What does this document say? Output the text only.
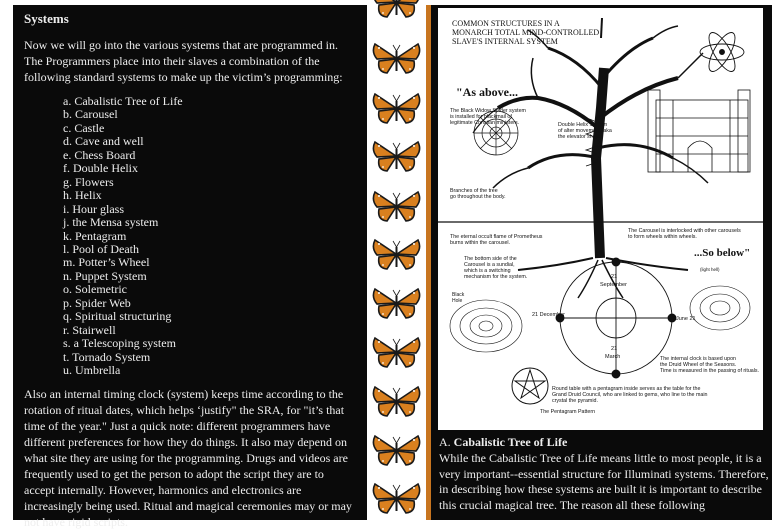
Systems

Now we will go into the various systems that are programmed in. The Programmers place into their slaves a combination of the following standard systems to make up the victim’s programming:

a. Cabalistic Tree of Life
b. Carousel
c. Castle
d. Cave and well
e. Chess Board
f. Double Helix
g. Flowers
h. Helix
i. Hour glass
j. the Mensa system
k. Pentagram
l. Pool of Death
m. Potter’s Wheel
n. Puppet System
o. Solemetric
p. Spider Web
q. Spiritual structuring
r. Stairwell
s. a Telescoping system
t. Tornado System
u. Umbrella

Also an internal timing clock (system) keeps time according to the rotation of ritual dates, which helps ‘justify" the SRA, for "it’s that time of the year." Just a quick note: different programmers have different preferences for how they do things. It also may depend on what site they are using for the programming. Drugs and videos are frequently used to get the person to adopt the script they are to accept internally. However, harmonics and electronics are increasingly being used. Ritual and magical ceremonies may or may not have rigid scripts.

COMMON STRUCTURES IN A
MONARCH TOTAL MIND-CONTROLLED
SLAVE'S INTERNAL SYSTEM
"As above...
The Black Widow Spider system
is installed for blackmail of
legitimate Christian ministers.	Double Helix System
of alter movement, aka
the elevator shaft.
Branches of the tree
go throughout the body.
The eternal occult flame of Prometheus
burns within the carousel.
The Carousel is interlocked with other carousels
to form wheels within wheels.
...So below"
The bottom side of the
Carousel is a sundial,
which is a switching
mechanism for the system.
(light hell)
21
September
21 December
June 21
21
March
Black
Hole
The internal clock is based upon
the Druid Wheel of the Seasons.
Time is measured in the passing of rituals.
Round table with a pentagram inside serves as the table for the
Grand Druid Council, who are linked to gems, who line to the main
crystal the pyramid.
The Pentagram Pattern
A. Cabalistic Tree of Life
While the Cabalistic Tree of Life means little to most people, it is a very important--essential structure for Illuminati systems. Therefore, in describing how these systems are built it is important to describe this crucial magical tree. The reason all these following
